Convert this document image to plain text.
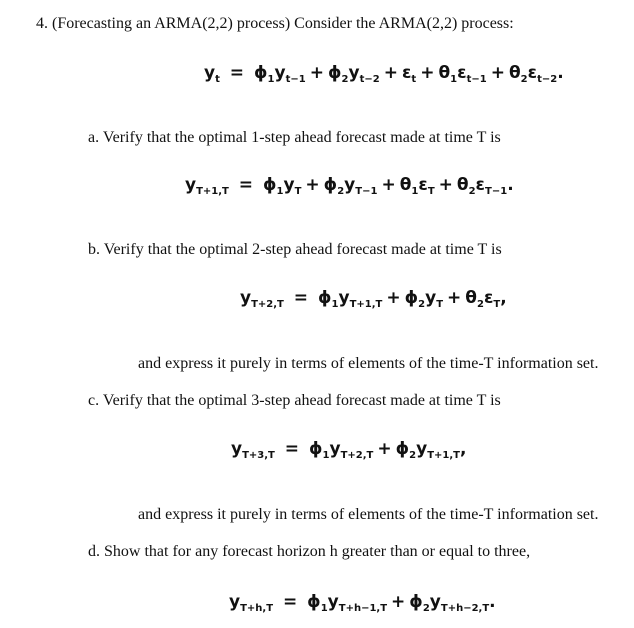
4. (Forecasting an ARMA(2,2) process) Consider the ARMA(2,2) process:
$y_t = \phi_1y_{t-1} + \phi_2y_{t-2} + \varepsilon_t + \theta_1\varepsilon_{t-1} + \theta_2\varepsilon_{t-2}$.
a. Verify that the optimal 1-step ahead forecast made at time T is
$y_{T+1,T} = \phi_1y_T + \phi_2y_{T-1} + \theta_1\varepsilon_T + \theta_2\varepsilon_{T-1}$.
b. Verify that the optimal 2-step ahead forecast made at time T is
$y_{T+2,T} = \phi_1y_{T+1,T} + \phi_2y_T + \theta_2\varepsilon_T$,
and express it purely in terms of elements of the time-T information set.
c. Verify that the optimal 3-step ahead forecast made at time T is
$y_{T+3,T} = \phi_1y_{T+2,T} + \phi_2y_{T+1,T}$,
and express it purely in terms of elements of the time-T information set.
d. Show that for any forecast horizon h greater than or equal to three,
$y_{T+h,T} = \phi_1y_{T+h-1,T} + \phi_2y_{T+h-2,T}$.
